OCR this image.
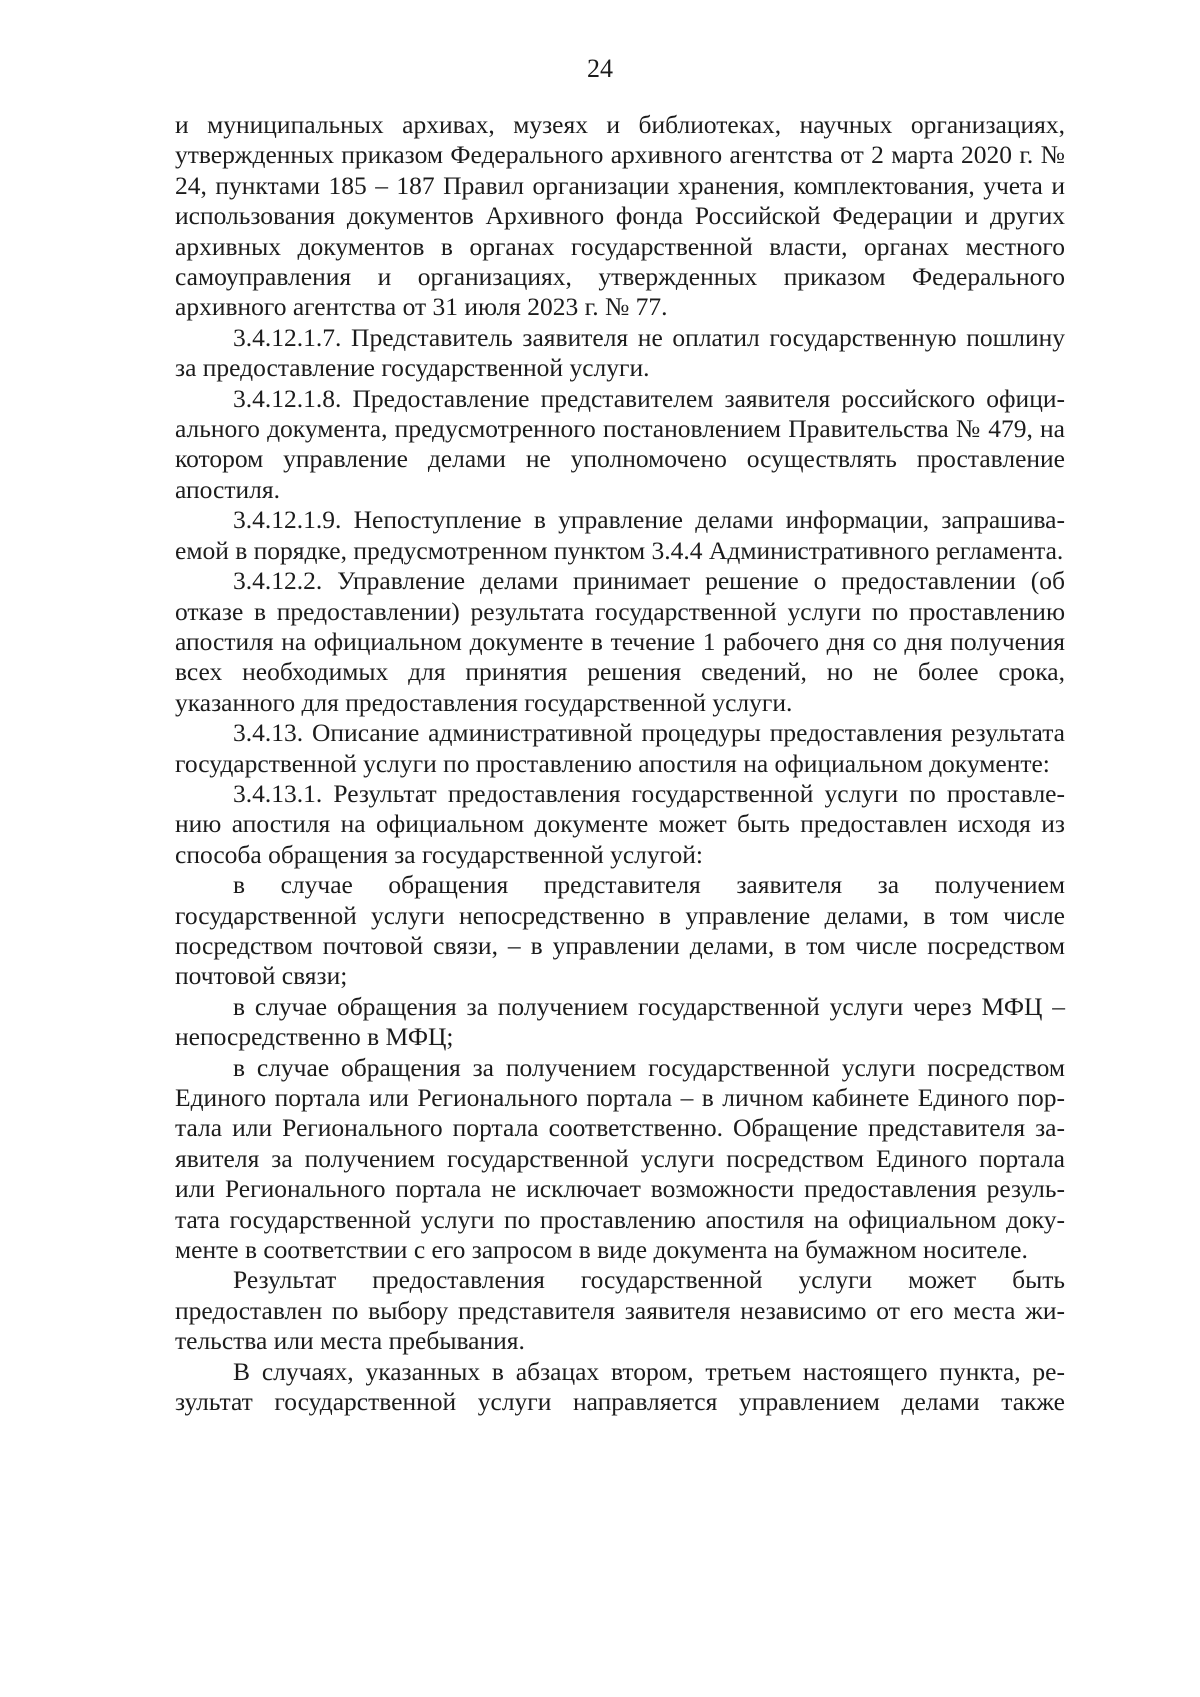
24

и муниципальных архивах, музеях и библиотеках, научных организациях, утвержденных приказом Федерального архивного агентства от 2 марта 2020 г. № 24, пунктами 185 – 187 Правил организации хранения, комплектования, учета и использования документов Архивного фонда Российской Федерации и других архивных документов в органах государственной власти, органах местного самоуправления и организациях, утвержденных приказом Федерального архивного агентства от 31 июля 2023 г. № 77.

3.4.12.1.7. Представитель заявителя не оплатил государственную пошлину за предоставление государственной услуги.

3.4.12.1.8. Предоставление представителем заявителя российского официального документа, предусмотренного постановлением Правительства № 479, на котором управление делами не уполномочено осуществлять проставление апостиля.

3.4.12.1.9. Непоступление в управление делами информации, запрашиваемой в порядке, предусмотренном пунктом 3.4.4 Административного регламента.

3.4.12.2. Управление делами принимает решение о предоставлении (об отказе в предоставлении) результата государственной услуги по проставлению апостиля на официальном документе в течение 1 рабочего дня со дня получения всех необходимых для принятия решения сведений, но не более срока, указанного для предоставления государственной услуги.

3.4.13. Описание административной процедуры предоставления результата государственной услуги по проставлению апостиля на официальном документе:

3.4.13.1. Результат предоставления государственной услуги по проставлению апостиля на официальном документе может быть предоставлен исходя из способа обращения за государственной услугой:

в случае обращения представителя заявителя за получением государственной услуги непосредственно в управление делами, в том числе посредством почтовой связи, – в управлении делами, в том числе посредством почтовой связи;

в случае обращения за получением государственной услуги через МФЦ – непосредственно в МФЦ;

в случае обращения за получением государственной услуги посредством Единого портала или Регионального портала – в личном кабинете Единого портала или Регионального портала соответственно. Обращение представителя заявителя за получением государственной услуги посредством Единого портала или Регионального портала не исключает возможности предоставления результата государственной услуги по проставлению апостиля на официальном документе в соответствии с его запросом в виде документа на бумажном носителе.

Результат предоставления государственной услуги может быть предоставлен по выбору представителя заявителя независимо от его места жительства или места пребывания.

В случаях, указанных в абзацах втором, третьем настоящего пункта, результат государственной услуги направляется управлением делами также
